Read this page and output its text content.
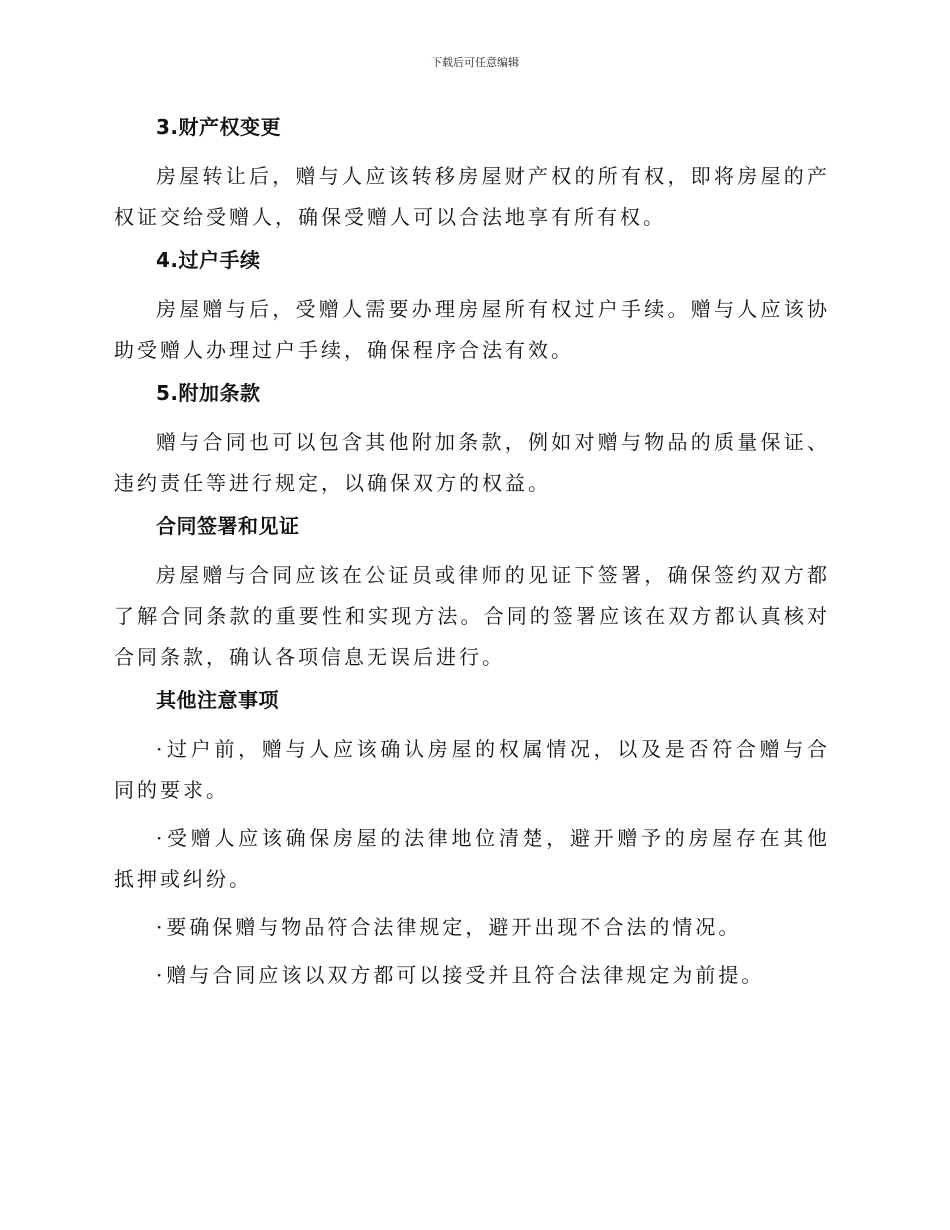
下载后可任意编辑
3.财产权变更

房屋转让后，赠与人应该转移房屋财产权的所有权，即将房屋的产权证交给受赠人，确保受赠人可以合法地享有所有权。

4.过户手续

房屋赠与后，受赠人需要办理房屋所有权过户手续。赠与人应该协助受赠人办理过户手续，确保程序合法有效。

5.附加条款

赠与合同也可以包含其他附加条款，例如对赠与物品的质量保证、违约责任等进行规定，以确保双方的权益。

合同签署和见证

房屋赠与合同应该在公证员或律师的见证下签署，确保签约双方都了解合同条款的重要性和实现方法。合同的签署应该在双方都认真核对合同条款，确认各项信息无误后进行。

其他注意事项

· 过户前，赠与人应该确认房屋的权属情况，以及是否符合赠与合同的要求。

· 受赠人应该确保房屋的法律地位清楚，避开赠予的房屋存在其他抵押或纠纷。

· 要确保赠与物品符合法律规定，避开出现不合法的情况。

· 赠与合同应该以双方都可以接受并且符合法律规定为前提。
